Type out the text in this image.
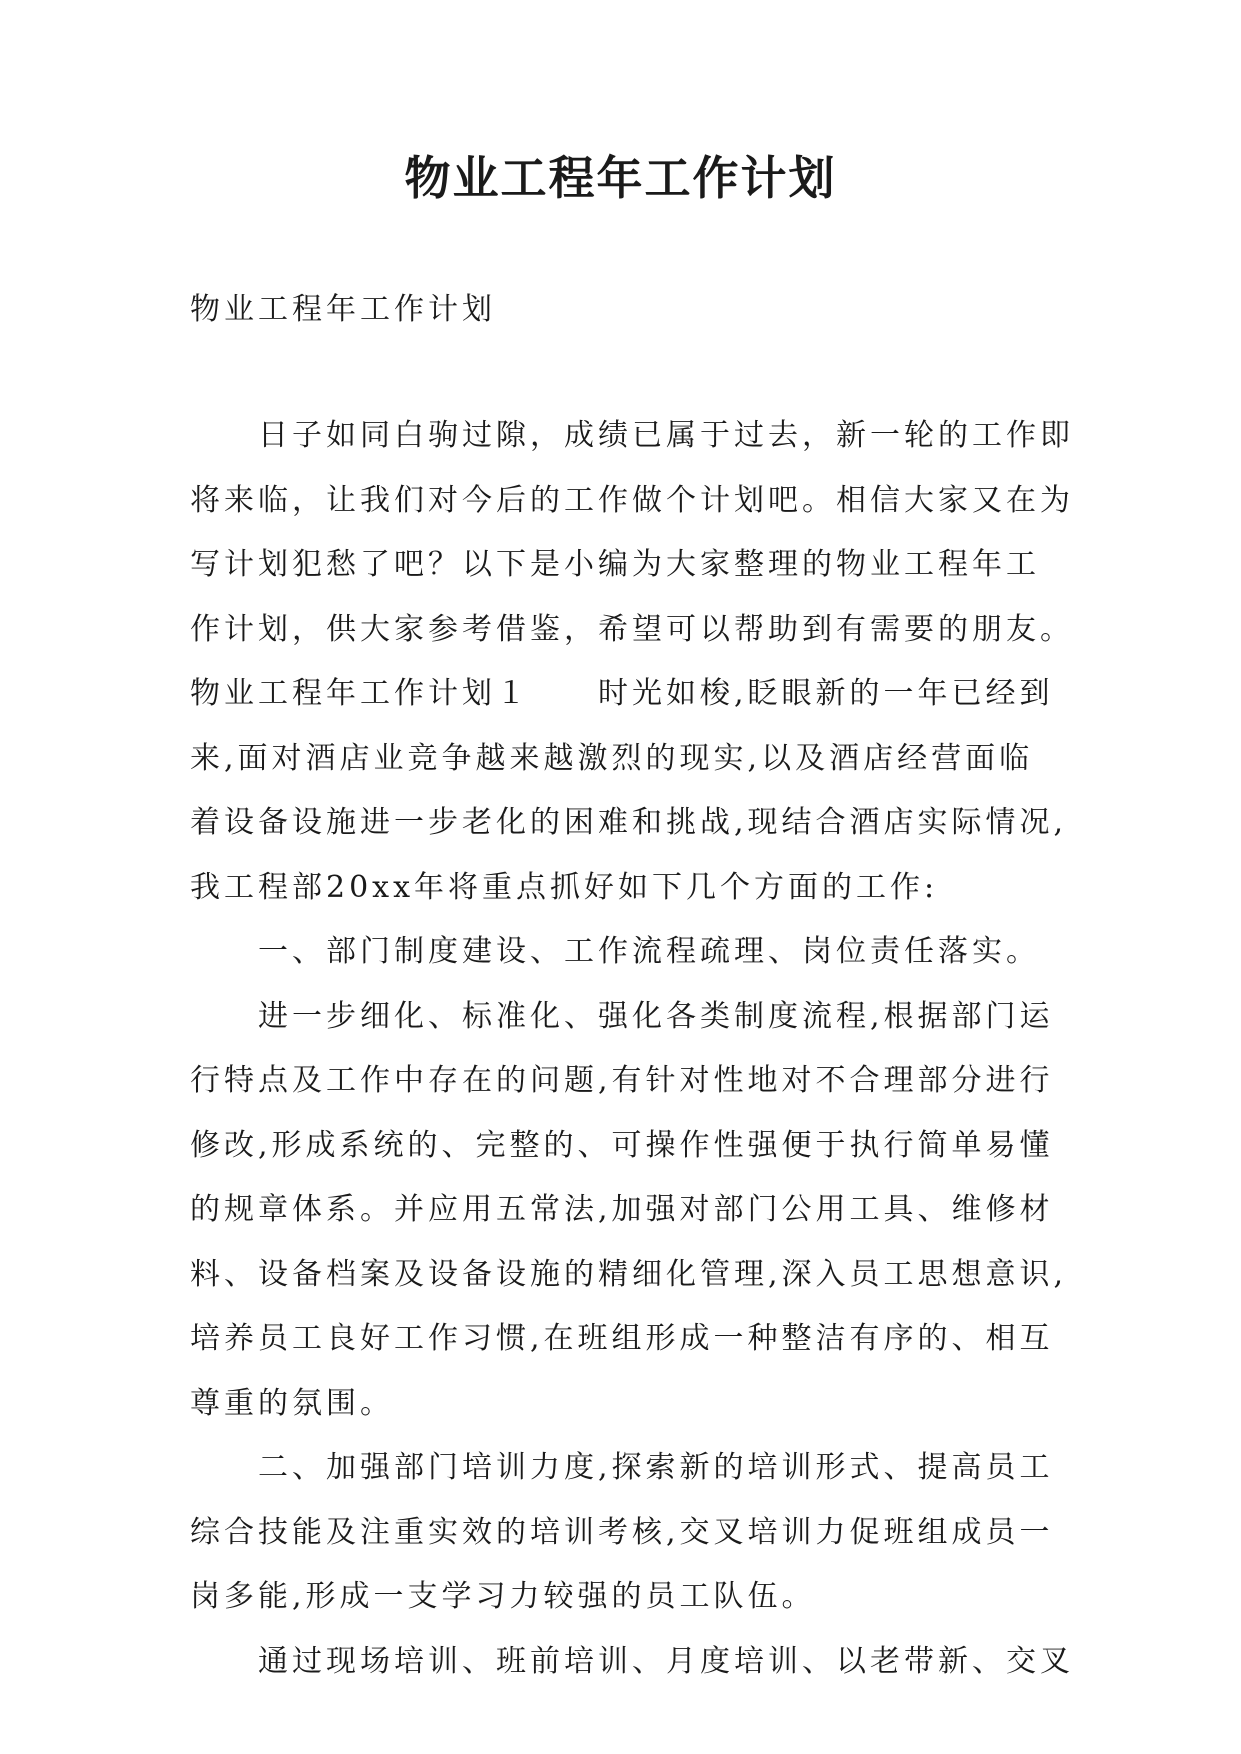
物业工程年工作计划

物业工程年工作计划

　　日子如同白驹过隙，成绩已属于过去，新一轮的工作即
将来临，让我们对今后的工作做个计划吧。相信大家又在为
写计划犯愁了吧？以下是小编为大家整理的物业工程年工
作计划，供大家参考借鉴，希望可以帮助到有需要的朋友。
物业工程年工作计划１　　时光如梭,眨眼新的一年已经到
来,面对酒店业竞争越来越激烈的现实,以及酒店经营面临
着设备设施进一步老化的困难和挑战,现结合酒店实际情况,
我工程部20xx年将重点抓好如下几个方面的工作:
　　一、部门制度建设、工作流程疏理、岗位责任落实。
　　进一步细化、标准化、强化各类制度流程,根据部门运
行特点及工作中存在的问题,有针对性地对不合理部分进行
修改,形成系统的、完整的、可操作性强便于执行简单易懂
的规章体系。并应用五常法,加强对部门公用工具、维修材
料、设备档案及设备设施的精细化管理,深入员工思想意识,
培养员工良好工作习惯,在班组形成一种整洁有序的、相互
尊重的氛围。
　　二、加强部门培训力度,探索新的培训形式、提高员工
综合技能及注重实效的培训考核,交叉培训力促班组成员一
岗多能,形成一支学习力较强的员工队伍。
　　通过现场培训、班前培训、月度培训、以老带新、交叉
